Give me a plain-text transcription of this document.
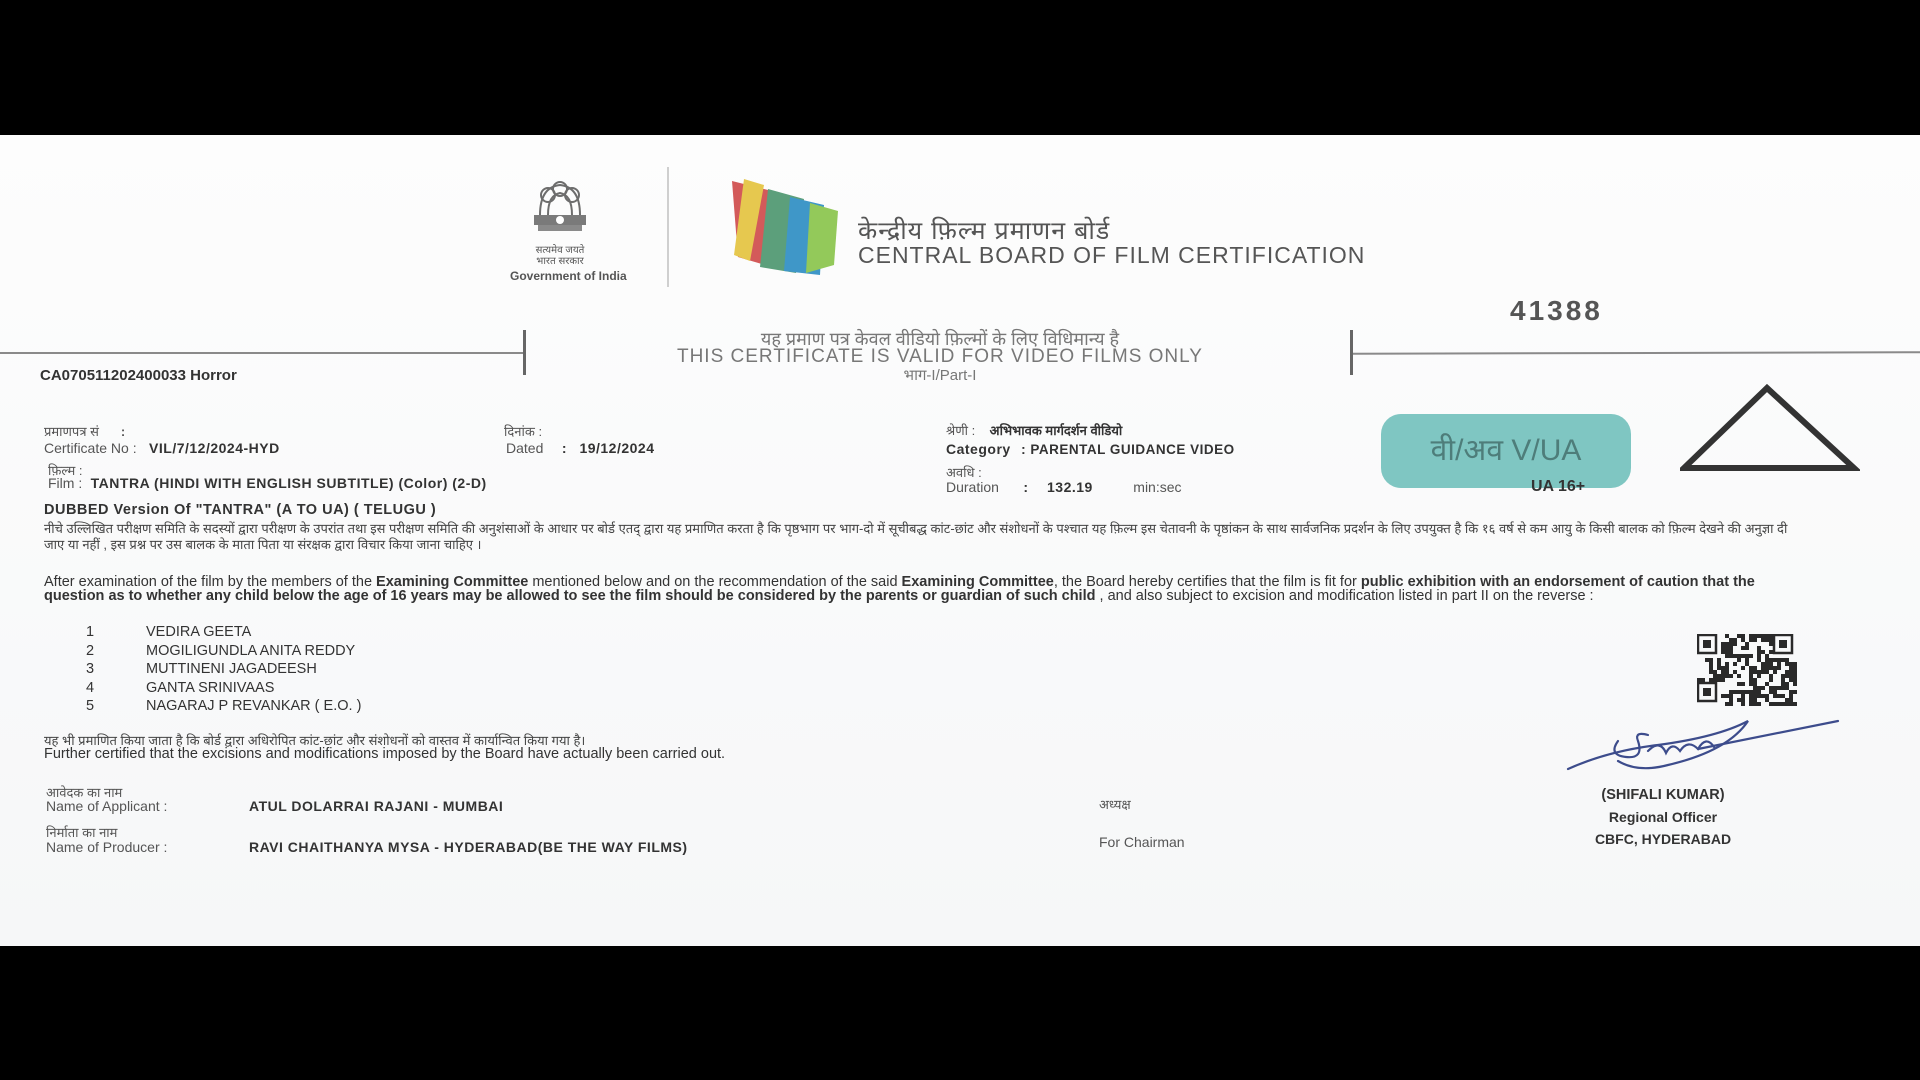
सत्यमेव जयते
भारत सरकार
Government of India
केन्द्रीय फ़िल्म प्रमाणन बोर्ड
CENTRAL BOARD OF FILM CERTIFICATION
41388
यह प्रमाण पत्र केवल वीडियो फ़िल्मों के लिए विधिमान्य है
THIS CERTIFICATE IS VALID FOR VIDEO FILMS ONLY
भाग-I/Part-I
CA070511202400033 Horror
प्रमाणपत्र सं :
Certificate No : VIL/7/12/2024-HYD
दिनांक :
Dated : 19/12/2024
श्रेणी : अभिभावक मार्गदर्शन वीडियो
Category : PARENTAL GUIDANCE VIDEO
फ़िल्म :
Film : TANTRA (HINDI WITH ENGLISH SUBTITLE) (Color) (2-D)
अवधि :
Duration : 132.19	min:sec
वी/अव V/UA
UA 16+
DUBBED Version Of "TANTRA" (A TO UA) ( TELUGU )
नीचे उल्लिखित परीक्षण समिति के सदस्यों द्वारा परीक्षण के उपरांत तथा इस परीक्षण समिति की अनुशंसाओं के आधार पर बोर्ड एतद् द्वारा यह प्रमाणित करता है कि पृष्ठभाग पर भाग-दो में सूचीबद्ध कांट-छांट और संशोधनों के पश्चात यह फ़िल्म इस चेतावनी के पृष्ठांकन के साथ सार्वजनिक प्रदर्शन के लिए उपयुक्त है कि १६ वर्ष से कम आयु के किसी बालक को फ़िल्म देखने की अनुज्ञा दी जाए या नहीं , इस प्रश्न पर उस बालक के माता पिता या संरक्षक द्वारा विचार किया जाना चाहिए ।
After examination of the film by the members of the Examining Committee mentioned below and on the recommendation of the said Examining Committee, the Board hereby certifies that the film is fit for public exhibition with an endorsement of caution that the question as to whether any child below the age of 16 years may be allowed to see the film should be considered by the parents or guardian of such child , and also subject to excision and modification listed in part II on the reverse :
1	VEDIRA GEETA
2	MOGILIGUNDLA ANITA REDDY
3	MUTTINENI JAGADEESH
4	GANTA SRINIVAAS
5	NAGARAJ P REVANKAR ( E.O. )
यह भी प्रमाणित किया जाता है कि बोर्ड द्वारा अधिरोपित कांट-छांट और संशोधनों को वास्तव में कार्यान्वित किया गया है।
Further certified that the excisions and modifications imposed by the Board have actually been carried out.
आवेदक का नाम
Name of Applicant :	ATUL DOLARRAI RAJANI - MUMBAI
निर्माता का नाम
Name of Producer :	RAVI CHAITHANYA MYSA - HYDERABAD(BE THE WAY FILMS)
अध्यक्ष
For Chairman
(SHIFALI KUMAR)
Regional Officer
CBFC, HYDERABAD
